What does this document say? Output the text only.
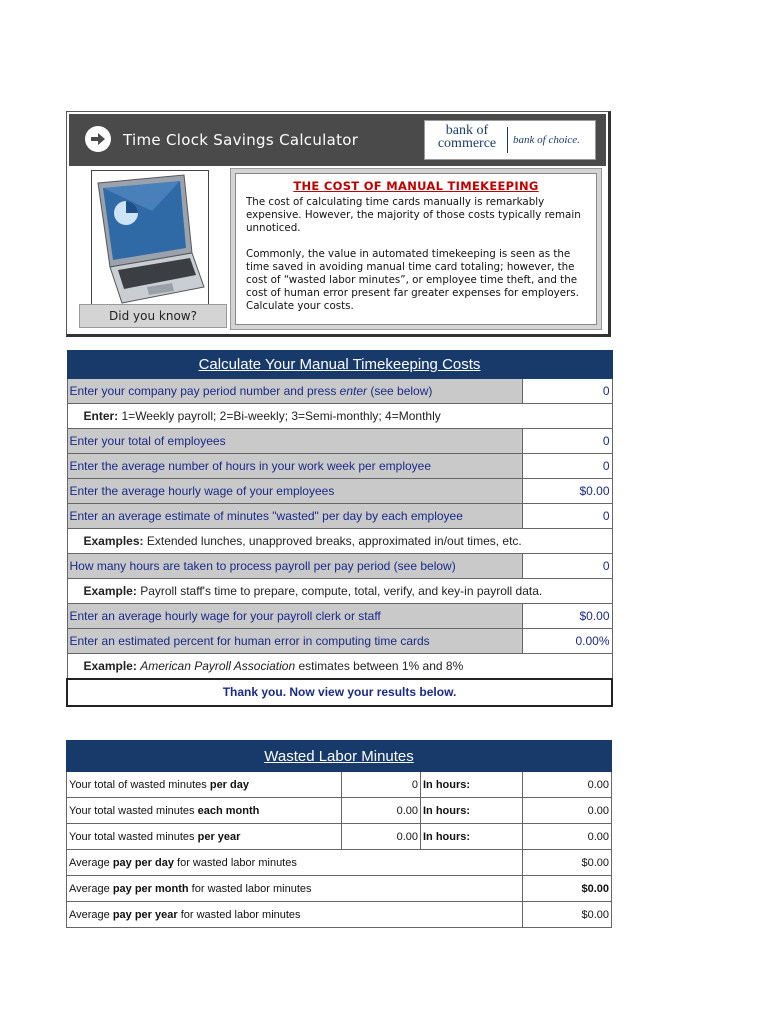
Time Clock Savings Calculator
bank of
commerce	bank of choice.
Did you know?
THE COST OF MANUAL TIMEKEEPING

The cost of calculating time cards manually is remarkably expensive. However, the majority of those costs typically remain unnoticed.

Commonly, the value in automated timekeeping is seen as the time saved in avoiding manual time card totaling; however, the cost of “wasted labor minutes”, or employee time theft, and the cost of human error present far greater expenses for employers. Calculate your costs.

Calculate Your Manual Timekeeping Costs	
Enter your company pay period number and press enter (see below)	0
Enter: 1=Weekly payroll; 2=Bi-weekly; 3=Semi-monthly; 4=Monthly	
Enter your total of employees	0
Enter the average number of hours in your work week per employee	0
Enter the average hourly wage of your employees	$0.00
Enter an average estimate of minutes "wasted" per day by each employee	0
Examples: Extended lunches, unapproved breaks, approximated in/out times, etc.	
How many hours are taken to process payroll per pay period (see below)	0
Example: Payroll staff's time to prepare, compute, total, verify, and key-in payroll data.	
Enter an average hourly wage for your payroll clerk or staff	$0.00
Enter an estimated percent for human error in computing time cards	0.00%
Example: American Payroll Association estimates between 1% and 8%	
Thank you. Now view your results below.	
Wasted Labor Minutes			
Your total of wasted minutes per day	0	In hours:	0.00
Your total wasted minutes each month	0.00	In hours:	0.00
Your total wasted minutes per year	0.00	In hours:	0.00
Average pay per day for wasted labor minutes			$0.00
Average pay per month for wasted labor minutes			$0.00
Average pay per year for wasted labor minutes			$0.00
